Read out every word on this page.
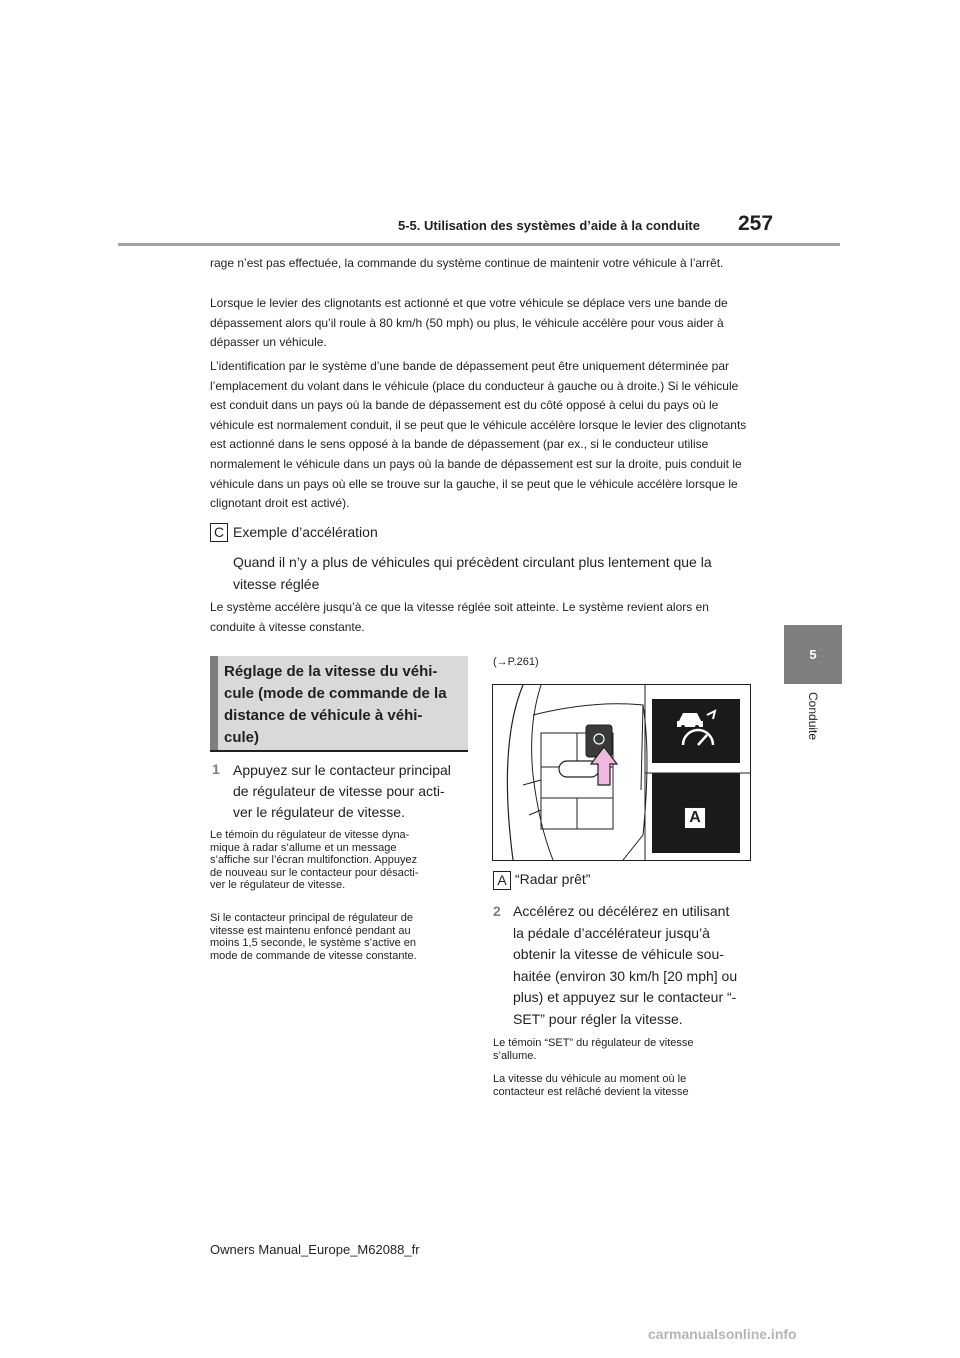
5-5. Utilisation des systèmes d’aide à la conduite 257
5
Conduite
rage n’est pas effectuée, la commande du système continue de maintenir votre véhicule à l’arrêt.
Lorsque le levier des clignotants est actionné et que votre véhicule se déplace vers une bande de dépassement alors qu’il roule à 80 km/h (50 mph) ou plus, le véhicule accélère pour vous aider à dépasser un véhicule.
L’identification par le système d’une bande de dépassement peut être uniquement déterminée par l’emplacement du volant dans le véhicule (place du conducteur à gauche ou à droite.) Si le véhicule est conduit dans un pays où la bande de dépassement est du côté opposé à celui du pays où le véhicule est normalement conduit, il se peut que le véhicule accélère lorsque le levier des clignotants est actionné dans le sens opposé à la bande de dépassement (par ex., si le conducteur utilise normalement le véhicule dans un pays où la bande de dépassement est sur la droite, puis conduit le véhicule dans un pays où elle se trouve sur la gauche, il se peut que le véhicule accélère lorsque le clignotant droit est activé).
C Exemple d’accélération
Quand il n’y a plus de véhicules qui précèdent circulant plus lentement que la vitesse réglée
Le système accélère jusqu’à ce que la vitesse réglée soit atteinte. Le système revient alors en conduite à vitesse constante.
Réglage de la vitesse du véhi-
cule (mode de commande de la
distance de véhicule à véhi-
cule)
1 Appuyez sur le contacteur principal
de régulateur de vitesse pour acti-
ver le régulateur de vitesse.
Le témoin du régulateur de vitesse dyna-
mique à radar s’allume et un message
s’affiche sur l’écran multifonction. Appuyez
de nouveau sur le contacteur pour désacti-
ver le régulateur de vitesse.
Si le contacteur principal de régulateur de
vitesse est maintenu enfoncé pendant au
moins 1,5 seconde, le système s’active en
mode de commande de vitesse constante.
(→P.261)
A
A “Radar prêt”
2 Accélérez ou décélérez en utilisant
la pédale d’accélérateur jusqu’à
obtenir la vitesse de véhicule sou-
haitée (environ 30 km/h [20 mph] ou
plus) et appuyez sur le contacteur “-
SET” pour régler la vitesse.
Le témoin “SET” du régulateur de vitesse
s’allume.
La vitesse du véhicule au moment où le
contacteur est relâché devient la vitesse
Owners Manual_Europe_M62088_fr
carmanualsonline.info
